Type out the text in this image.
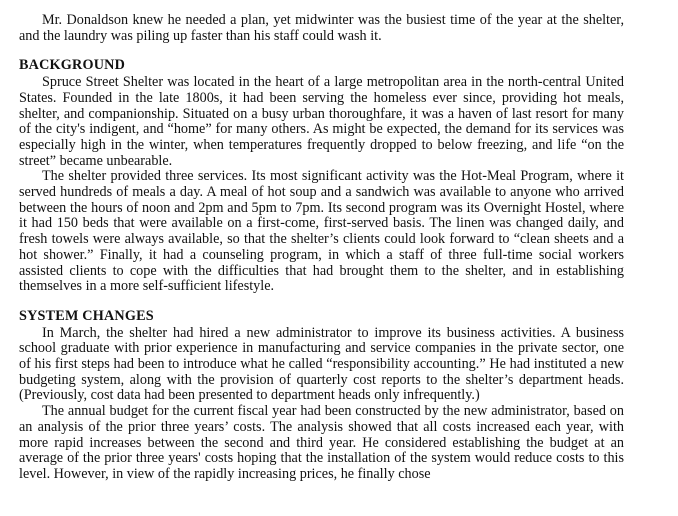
Mr. Donaldson knew he needed a plan, yet midwinter was the busiest time of the year at the shelter, and the laundry was piling up faster than his staff could wash it.

BACKGROUND

Spruce Street Shelter was located in the heart of a large metropolitan area in the north-central United States. Founded in the late 1800s, it had been serving the homeless ever since, providing hot meals, shelter, and companionship. Situated on a busy urban thoroughfare, it was a haven of last resort for many of the city's indigent, and “home” for many others. As might be expected, the demand for its services was especially high in the winter, when temperatures frequently dropped to below freezing, and life “on the street” became unbearable.

The shelter provided three services. Its most significant activity was the Hot-Meal Program, where it served hundreds of meals a day. A meal of hot soup and a sandwich was available to anyone who arrived between the hours of noon and 2pm and 5pm to 7pm. Its second program was its Overnight Hostel, where it had 150 beds that were available on a first-come, first-served basis. The linen was changed daily, and fresh towels were always available, so that the shelter’s clients could look forward to “clean sheets and a hot shower.” Finally, it had a counseling program, in which a staff of three full-time social workers assisted clients to cope with the difficulties that had brought them to the shelter, and in establishing themselves in a more self-sufficient lifestyle.

SYSTEM CHANGES

In March, the shelter had hired a new administrator to improve its business activities. A business school graduate with prior experience in manufacturing and service companies in the private sector, one of his first steps had been to introduce what he called “responsibility accounting.” He had instituted a new budgeting system, along with the provision of quarterly cost reports to the shelter’s department heads. (Previously, cost data had been presented to department heads only infrequently.)

The annual budget for the current fiscal year had been constructed by the new administrator, based on an analysis of the prior three years’ costs. The analysis showed that all costs increased each year, with more rapid increases between the second and third year. He considered establishing the budget at an average of the prior three years' costs hoping that the installation of the system would reduce costs to this level. However, in view of the rapidly increasing prices, he finally chose
